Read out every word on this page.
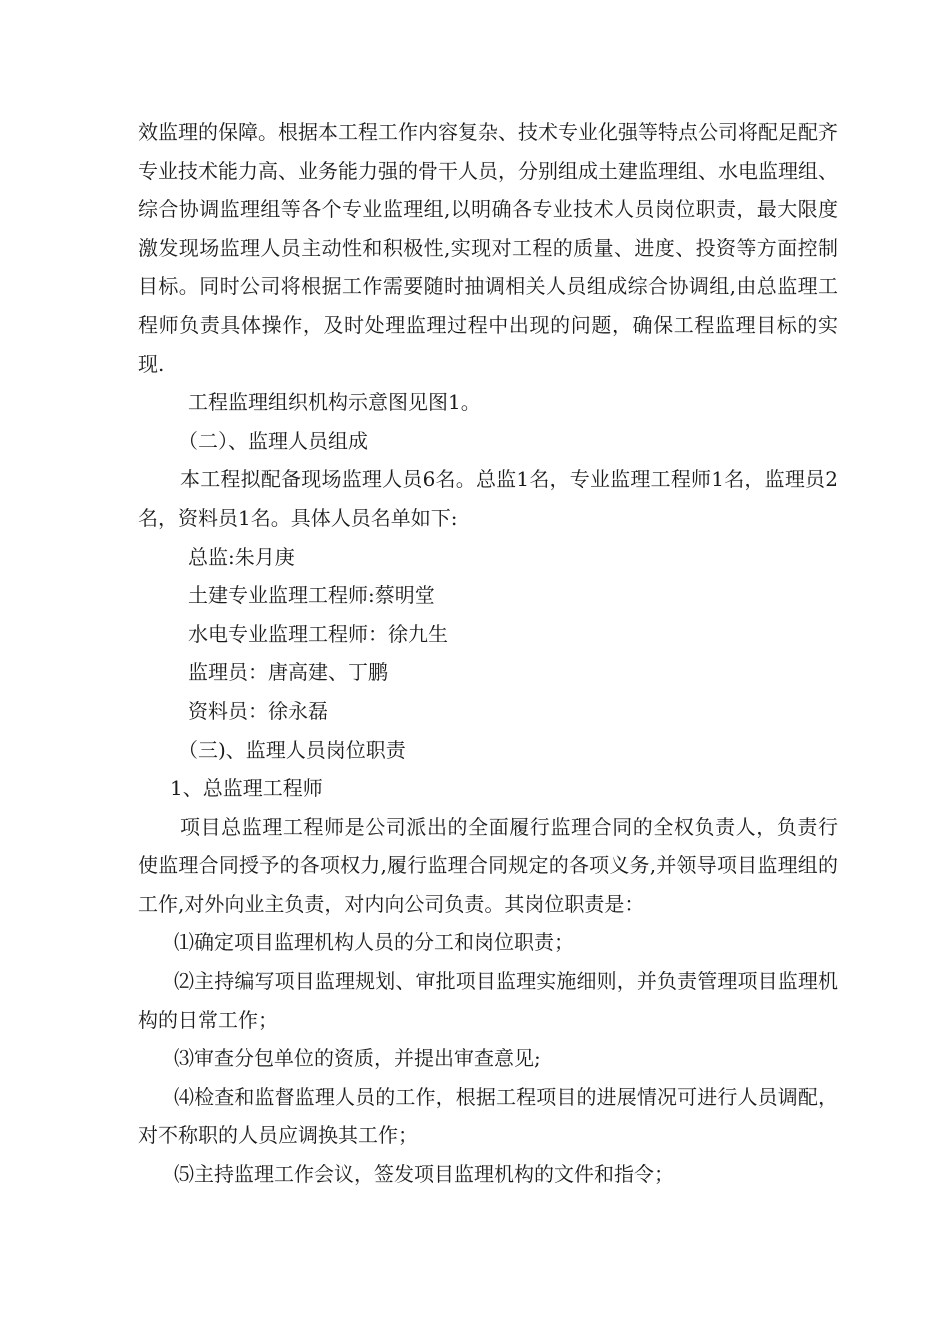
效监理的保障。根据本工程工作内容复杂、技术专业化强等特点公司将配足配齐专业技术能力高、业务能力强的骨干人员，分别组成土建监理组、水电监理组、综合协调监理组等各个专业监理组,以明确各专业技术人员岗位职责，最大限度激发现场监理人员主动性和积极性,实现对工程的质量、进度、投资等方面控制目标。同时公司将根据工作需要随时抽调相关人员组成综合协调组,由总监理工程师负责具体操作，及时处理监理过程中出现的问题，确保工程监理目标的实现.

工程监理组织机构示意图见图1。

（二）、监理人员组成

本工程拟配备现场监理人员6名。总监1名，专业监理工程师1名，监理员2名，资料员1名。具体人员名单如下:

总监:朱月庚

土建专业监理工程师:蔡明堂

水电专业监理工程师：徐九生

监理员：唐高建、丁鹏

资料员：徐永磊

（三)、监理人员岗位职责

1、总监理工程师

项目总监理工程师是公司派出的全面履行监理合同的全权负责人，负责行使监理合同授予的各项权力,履行监理合同规定的各项义务,并领导项目监理组的工作,对外向业主负责，对内向公司负责。其岗位职责是：

⑴确定项目监理机构人员的分工和岗位职责；

⑵主持编写项目监理规划、审批项目监理实施细则，并负责管理项目监理机构的日常工作；

⑶审查分包单位的资质，并提出审查意见;

⑷检查和监督监理人员的工作，根据工程项目的进展情况可进行人员调配，对不称职的人员应调换其工作；

⑸主持监理工作会议，签发项目监理机构的文件和指令；
